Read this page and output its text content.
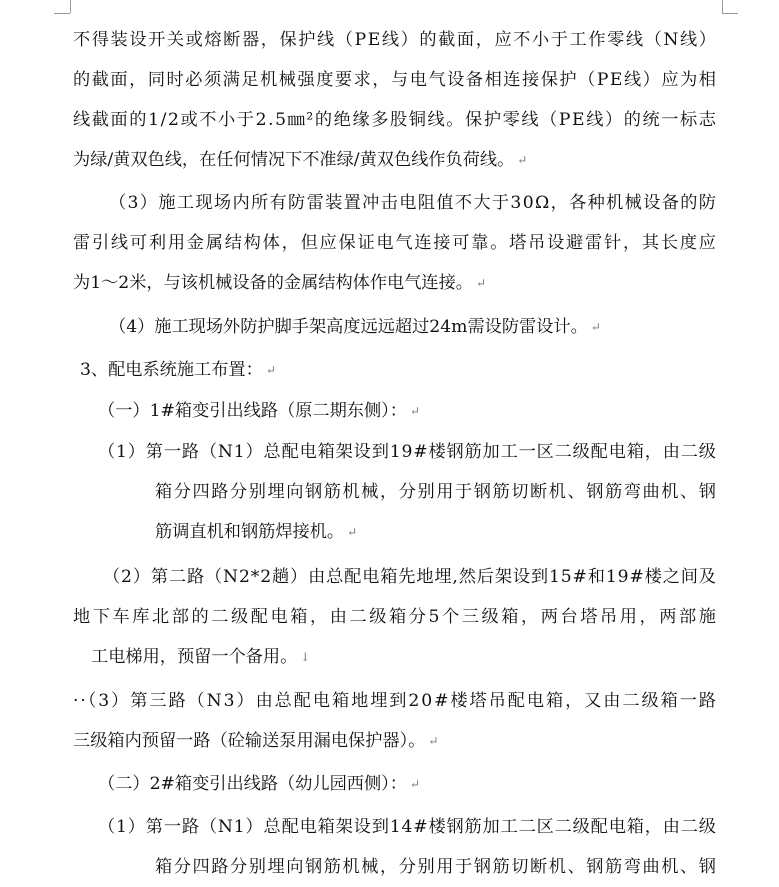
不得装设开关或熔断器，保护线（PE线）的截面，应不小于工作零线（N线）
的截面，同时必须满足机械强度要求，与电气设备相连接保护（PE线）应为相
线截面的1/2或不小于2.5㎜²的绝缘多股铜线。保护零线（PE线）的统一标志
为绿/黄双色线，在任何情况下不准绿/黄双色线作负荷线。 ↵
（3）施工现场内所有防雷装置冲击电阻值不大于30Ω，各种机械设备的防
雷引线可利用金属结构体，但应保证电气连接可靠。塔吊设避雷针，其长度应
为1～2米，与该机械设备的金属结构体作电气连接。 ↵
（4）施工现场外防护脚手架高度远远超过24m需设防雷设计。 ↵
3、配电系统施工布置： ↵
（一）1#箱变引出线路（原二期东侧）： ↵
（1）第一路（N1）总配电箱架设到19#楼钢筋加工一区二级配电箱，由二级
箱分四路分别埋向钢筋机械，分别用于钢筋切断机、钢筋弯曲机、钢
筋调直机和钢筋焊接机。 ↵
（2）第二路（N2*2趟）由总配电箱先地埋,然后架设到15#和19#楼之间及
地下车库北部的二级配电箱，由二级箱分5个三级箱，两台塔吊用，两部施
工电梯用，预留一个备用。 ↓
··（3）第三路（N3）由总配电箱地埋到20#楼塔吊配电箱，又由二级箱一路
三级箱内预留一路（砼输送泵用漏电保护器）。 ↵
（二）2#箱变引出线路（幼儿园西侧）： ↵
（1）第一路（N1）总配电箱架设到14#楼钢筋加工二区二级配电箱，由二级
箱分四路分别埋向钢筋机械，分别用于钢筋切断机、钢筋弯曲机、钢
